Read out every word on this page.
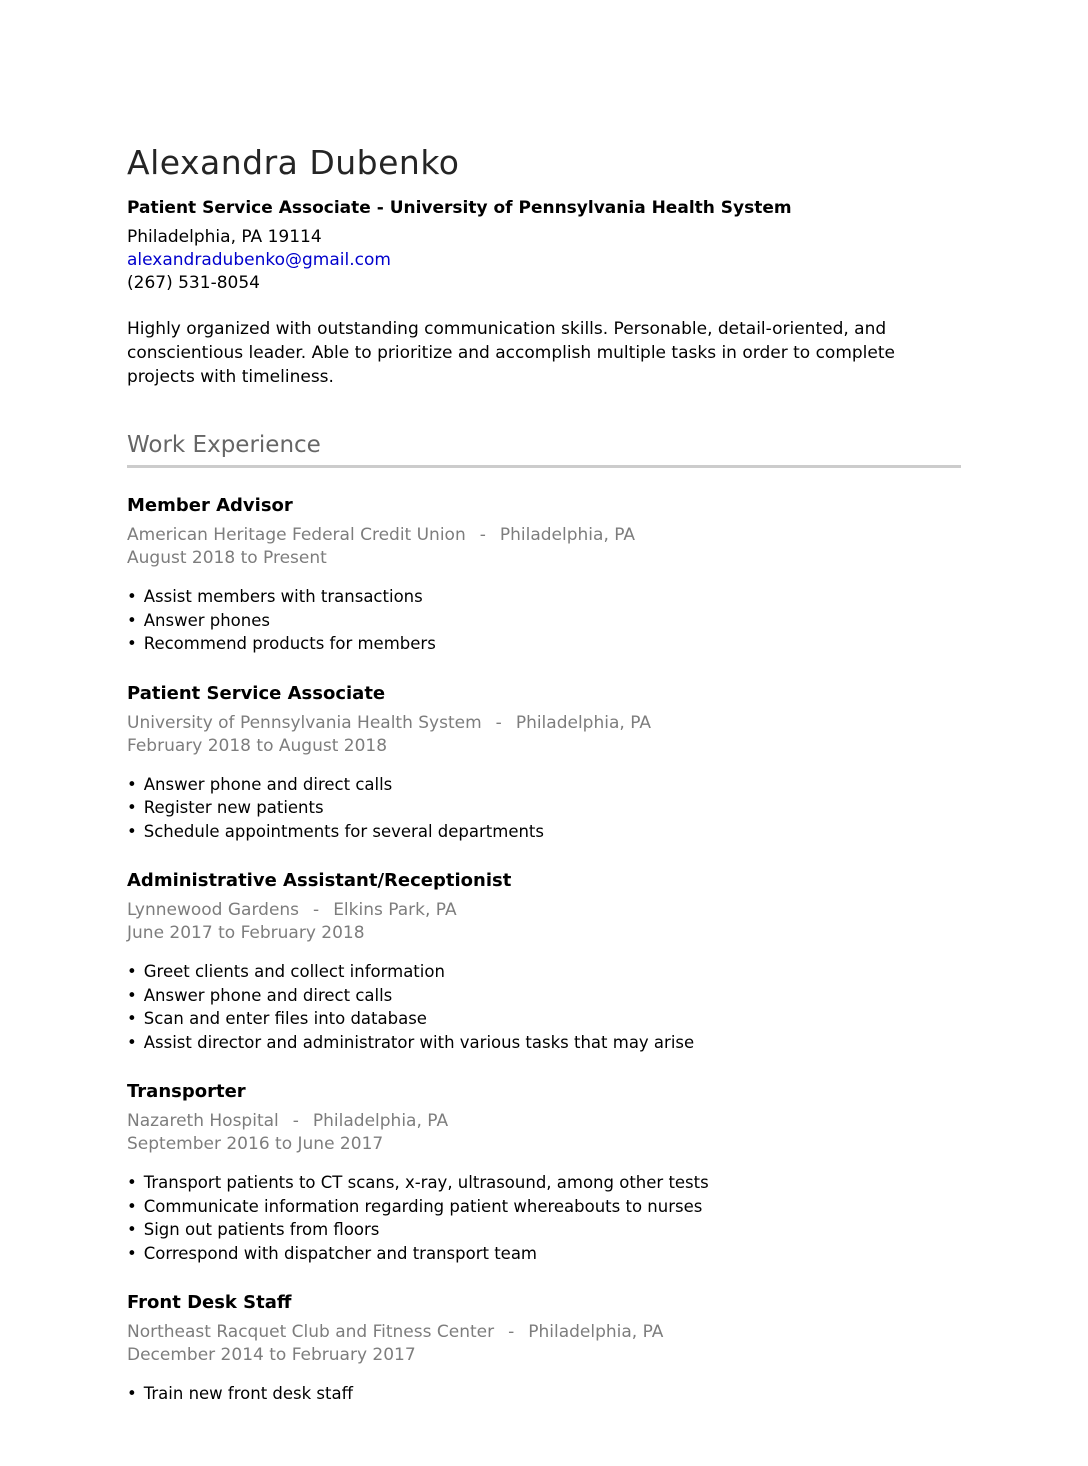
Alexandra Dubenko
Patient Service Associate - University of Pennsylvania Health System
Philadelphia, PA 19114
alexandradubenko@gmail.com
(267) 531-8054

Highly organized with outstanding communication skills. Personable, detail-oriented, and conscientious leader. Able to prioritize and accomplish multiple tasks in order to complete projects with timeliness.

Work Experience
Member Advisor
American Heritage Federal Credit Union - Philadelphia, PA
August 2018 to Present
• Assist members with transactions
• Answer phones
• Recommend products for members
Patient Service Associate
University of Pennsylvania Health System - Philadelphia, PA
February 2018 to August 2018
• Answer phone and direct calls
• Register new patients
• Schedule appointments for several departments
Administrative Assistant/Receptionist
Lynnewood Gardens - Elkins Park, PA
June 2017 to February 2018
• Greet clients and collect information
• Answer phone and direct calls
• Scan and enter files into database
• Assist director and administrator with various tasks that may arise
Transporter
Nazareth Hospital - Philadelphia, PA
September 2016 to June 2017
• Transport patients to CT scans, x-ray, ultrasound, among other tests
• Communicate information regarding patient whereabouts to nurses
• Sign out patients from floors
• Correspond with dispatcher and transport team
Front Desk Staff
Northeast Racquet Club and Fitness Center - Philadelphia, PA
December 2014 to February 2017
• Train new front desk staff
